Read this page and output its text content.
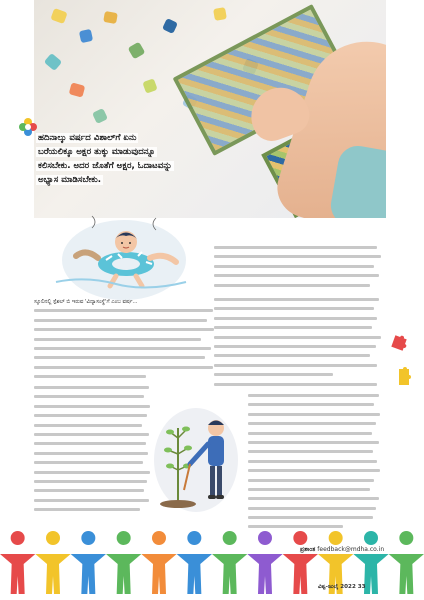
ಹದಿನಾಲ್ಕು ವರ್ಷದ ವಿಶಾಲ್‌ಗೆ ಏನು
ಬರೆಯಲಿಕ್ಕೂ ಅಕ್ಷರ ತುಕ್ಕು ಮಾಡುವುದನ್ನೂ
ಕಲಿಸಬೇಕು. ಅದರ ಜೊತೆಗೆ ಅಕ್ಷರ, ಓದಾಟವನ್ನು
ಅಭ್ಯಾಸ ಮಾಡಿಸಬೇಕು.
ಸ್ಕೂಲಿನಲ್ಲಿ ಸ್ಪೆಶಲ್ ಬಿ ಇರುವ 'ವಿದ್ಯಾಸಂಸ್ಥೆ'ಗೆ ಎಂಬ ವರ್ಷ...
ಪ್ರಶಾಂತ feedback@mdha.co.in
ವಿಶ್ವ-ಜುಲೈ 2022 33
